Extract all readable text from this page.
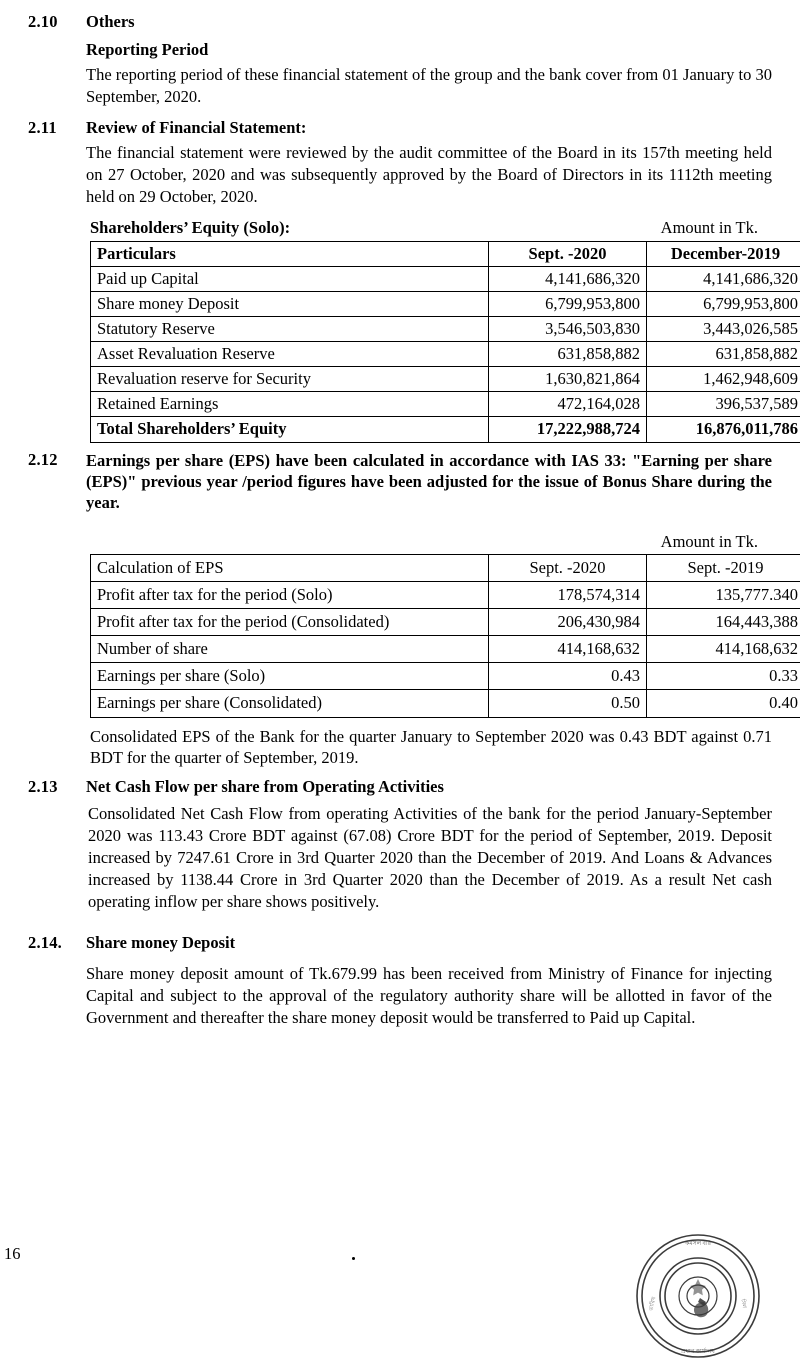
2.10	Others
Reporting Period

The reporting period of these financial statement of the group and the bank cover from 01 January to 30 September, 2020.

2.11	Review of Financial Statement:

The financial statement were reviewed by the audit committee of the Board in its 157th meeting held on 27 October, 2020 and was subsequently approved by the Board of Directors in its 1112th meeting held on 29 October, 2020.

Shareholders’ Equity (Solo):	Amount in Tk.
Particulars	Sept. -2020	December-2019
Paid up Capital	4,141,686,320	4,141,686,320
Share money Deposit	6,799,953,800	6,799,953,800
Statutory Reserve	3,546,503,830	3,443,026,585
Asset Revaluation Reserve	631,858,882	631,858,882
Revaluation reserve for Security	1,630,821,864	1,462,948,609
Retained Earnings	472,164,028	396,537,589
Total Shareholders’ Equity	17,222,988,724	16,876,011,786
2.12	Earnings per share (EPS) have been calculated in accordance with IAS 33: "Earning per share (EPS)" previous year /period figures have been adjusted for the issue of Bonus Share during the year.
Amount in Tk.
Calculation of EPS	Sept. -2020	Sept. -2019
Profit after tax for the period (Solo)	178,574,314	135,777.340
Profit after tax for the period (Consolidated)	206,430,984	164,443,388
Number of share	414,168,632	414,168,632
Earnings per share (Solo)	0.43	0.33
Earnings per share (Consolidated)	0.50	0.40

Consolidated EPS of the Bank for the quarter January to September 2020 was 0.43 BDT against 0.71 BDT for the quarter of September, 2019.

2.13	Net Cash Flow per share from Operating Activities

Consolidated Net Cash Flow from operating Activities of the bank for the period January-September 2020 was 113.43 Crore BDT against (67.08) Crore BDT for the period of September, 2019. Deposit increased by 7247.61 Crore in 3rd Quarter 2020 than the December of 2019. And Loans & Advances increased by 1138.44 Crore in 3rd Quarter 2020 than the December of 2019. As a result Net cash operating inflow per share shows positively.

2.14.	Share money Deposit

Share money deposit amount of Tk.679.99 has been received from Ministry of Finance for injecting Capital and subject to the approval of the regulatory authority share will be allotted in favor of the Government and thereafter the share money deposit would be transferred to Paid up Capital.

16	কর্মসল বরি
প্রধান কার্যালয
তারিখ	সিল
